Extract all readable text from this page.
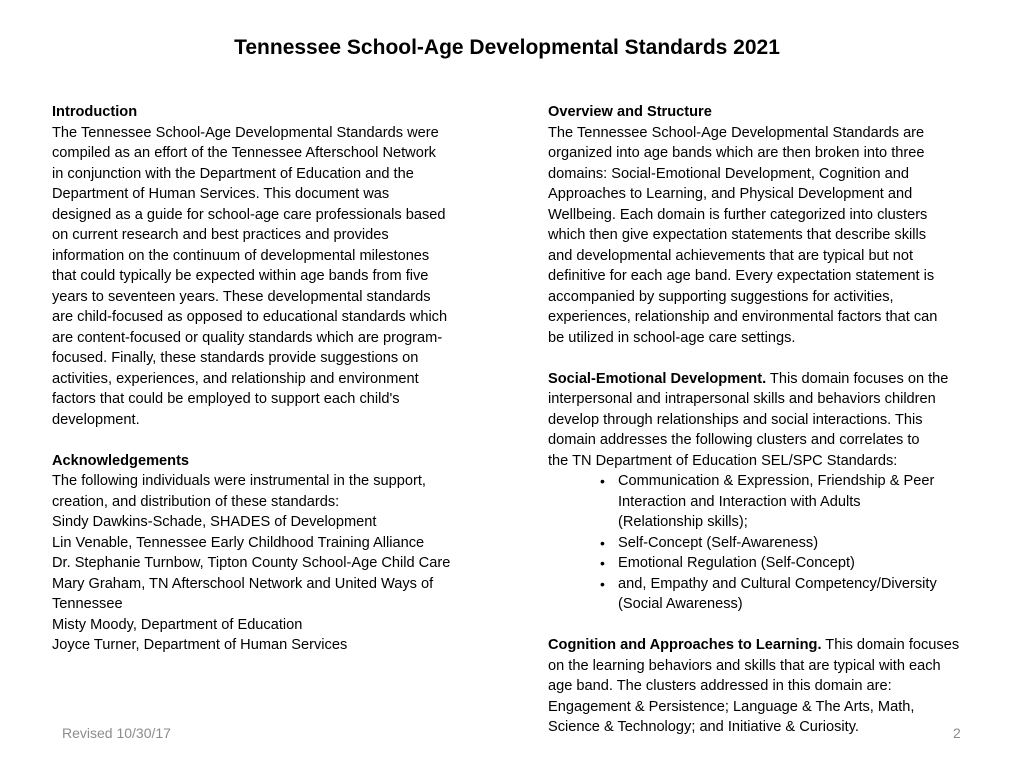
Tennessee School-Age Developmental Standards 2021
Introduction
The Tennessee School-Age Developmental Standards were
compiled as an effort of the Tennessee Afterschool Network
in conjunction with the Department of Education and the
Department of Human Services. This document was
designed as a guide for school-age care professionals based
on current research and best practices and provides
information on the continuum of developmental milestones
that could typically be expected within age bands from five
years to seventeen years. These developmental standards
are child-focused as opposed to educational standards which
are content-focused or quality standards which are program-
focused. Finally, these standards provide suggestions on
activities, experiences, and relationship and environment
factors that could be employed to support each child's
development.
Acknowledgements
The following individuals were instrumental in the support,
creation, and distribution of these standards:
Sindy Dawkins-Schade, SHADES of Development
Lin Venable, Tennessee Early Childhood Training Alliance
Dr. Stephanie Turnbow, Tipton County School-Age Child Care
Mary Graham, TN Afterschool Network and United Ways of
Tennessee
Misty Moody, Department of Education
Joyce Turner, Department of Human Services
Overview and Structure
The Tennessee School-Age Developmental Standards are
organized into age bands which are then broken into three
domains: Social-Emotional Development, Cognition and
Approaches to Learning, and Physical Development and
Wellbeing. Each domain is further categorized into clusters
which then give expectation statements that describe skills
and developmental achievements that are typical but not
definitive for each age band. Every expectation statement is
accompanied by supporting suggestions for activities,
experiences, relationship and environmental factors that can
be utilized in school-age care settings.
Social-Emotional Development. This domain focuses on the
interpersonal and intrapersonal skills and behaviors children
develop through relationships and social interactions. This
domain addresses the following clusters and correlates to
the TN Department of Education SEL/SPC Standards:
• Communication & Expression, Friendship & Peer
Interaction and Interaction with Adults
(Relationship skills);
• Self-Concept (Self-Awareness)
• Emotional Regulation (Self-Concept)
• and, Empathy and Cultural Competency/Diversity
(Social Awareness)
Cognition and Approaches to Learning. This domain focuses
on the learning behaviors and skills that are typical with each
age band. The clusters addressed in this domain are:
Engagement & Persistence; Language & The Arts, Math,
Science & Technology; and Initiative & Curiosity.
Revised 10/30/17	2
